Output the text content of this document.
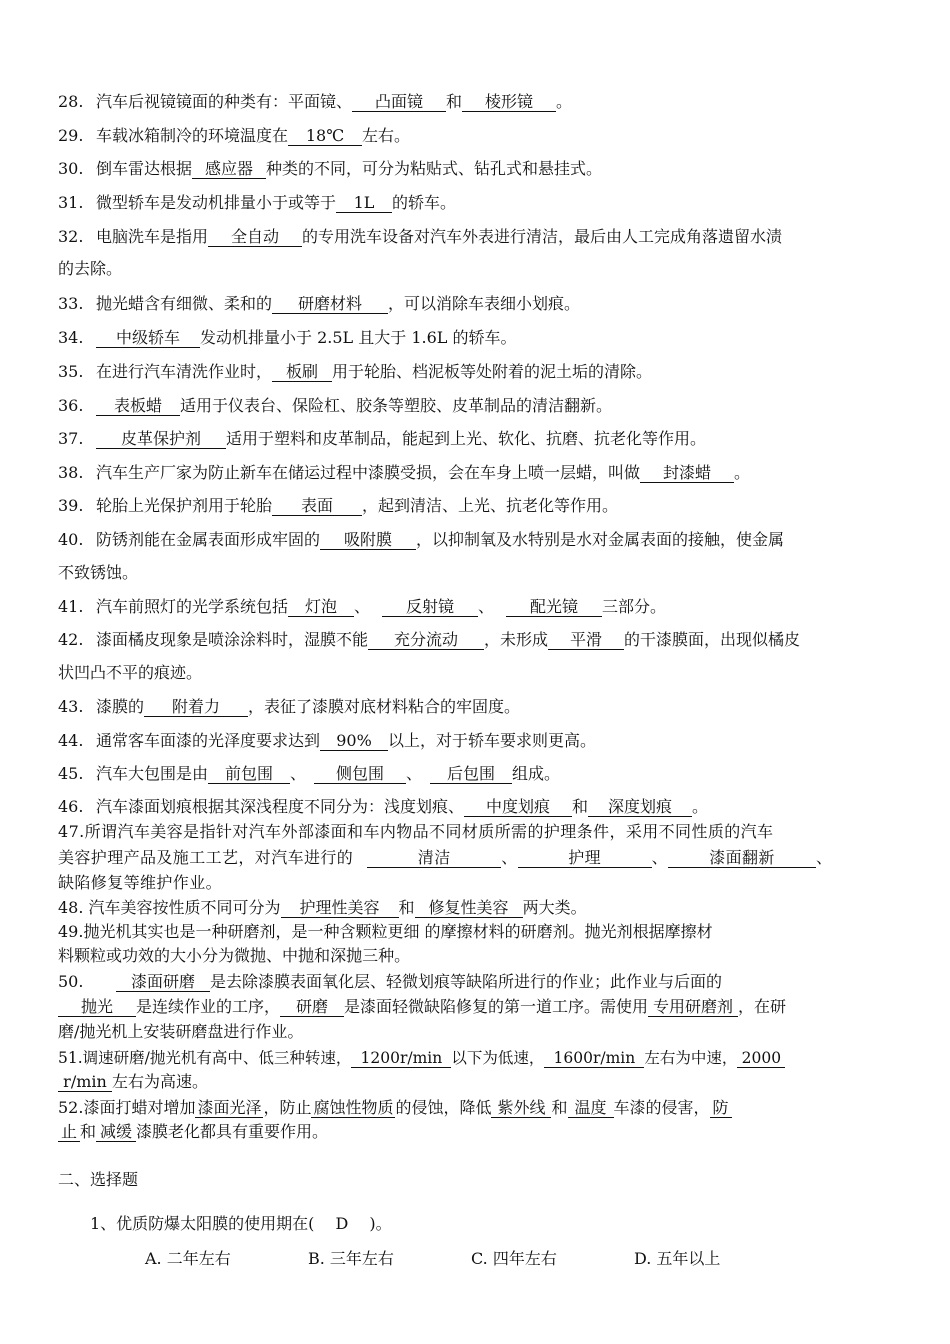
28. 汽车后视镜镜面的种类有：平面镜、 凸面镜 和 棱形镜 。
29. 车载冰箱制冷的环境温度在 18℃ 左右。
30. 倒车雷达根据 感应器 种类的不同，可分为粘贴式、钻孔式和悬挂式。
31. 微型轿车是发动机排量小于或等于 1L 的轿车。
32. 电脑洗车是指用 全自动 的专用洗车设备对汽车外表进行清洁，最后由人工完成角落遗留水渍
的去除。
33. 抛光蜡含有细微、柔和的 研磨材料 ，可以消除车表细小划痕。
34. 中级轿车 发动机排量小于 2.5L 且大于 1.6L 的轿车。
35. 在进行汽车清洗作业时， 板刷 用于轮胎、档泥板等处附着的泥土垢的清除。
36. 表板蜡 适用于仪表台、保险杠、胶条等塑胶、皮革制品的清洁翻新。
37. 皮革保护剂 适用于塑料和皮革制品，能起到上光、软化、抗磨、抗老化等作用。
38. 汽车生产厂家为防止新车在储运过程中漆膜受损，会在车身上喷一层蜡，叫做 封漆蜡 。
39. 轮胎上光保护剂用于轮胎 表面 ，起到清洁、上光、抗老化等作用。
40. 防锈剂能在金属表面形成牢固的 吸附膜 ，以抑制氧及水特别是水对金属表面的接触，使金属
不致锈蚀。
41. 汽车前照灯的光学系统包括 灯泡 、 反射镜 、 配光镜 三部分。
42. 漆面橘皮现象是喷涂涂料时，湿膜不能 充分流动 ，未形成 平滑 的干漆膜面，出现似橘皮
状凹凸不平的痕迹。
43. 漆膜的 附着力 ，表征了漆膜对底材料粘合的牢固度。
44. 通常客车面漆的光泽度要求达到 90% 以上，对于轿车要求则更高。
45. 汽车大包围是由 前包围 、 侧包围 、 后包围 组成。
46. 汽车漆面划痕根据其深浅程度不同分为：浅度划痕、 中度划痕 和 深度划痕 。
47.所谓汽车美容是指针对汽车外部漆面和车内物品不同材质所需的护理条件，采用不同性质的汽车
美容护理产品及施工工艺，对汽车进行的	清洁	、	护理	、	漆面翻新	、
缺陷修复等维护作业。
48. 汽车美容按性质不同可分为 护理性美容 和 修复性美容 两大类。
49.抛光机其实也是一种研磨剂，是一种含颗粒更细 的摩擦材料的研磨剂。抛光剂根据摩擦材
料颗粒或功效的大小分为微抛、中抛和深抛三种。
50.	漆面研磨 是去除漆膜表面氧化层、轻微划痕等缺陷所进行的作业；此作业与后面的
抛光 是连续作业的工序， 研磨 是漆面轻微缺陷修复的第一道工序。需使用 专用研磨剂 ，在研
磨/抛光机上安装研磨盘进行作业。
51.调速研磨/抛光机有高中、低三种转速， 1200r/min 以下为低速， 1600r/min 左右为中速， 2000
r/min 左右为高速。
52.漆面打蜡对增加 漆面光泽 ，防止 腐蚀性物质 的侵蚀，降低 紫外线 和 温度 车漆的侵害， 防
止 和 减缓 漆膜老化都具有重要作用。
二、选择题
1、优质防爆太阳膜的使用期在(　 D 　)。
A. 二年左右	B. 三年左右	C. 四年左右	D. 五年以上
